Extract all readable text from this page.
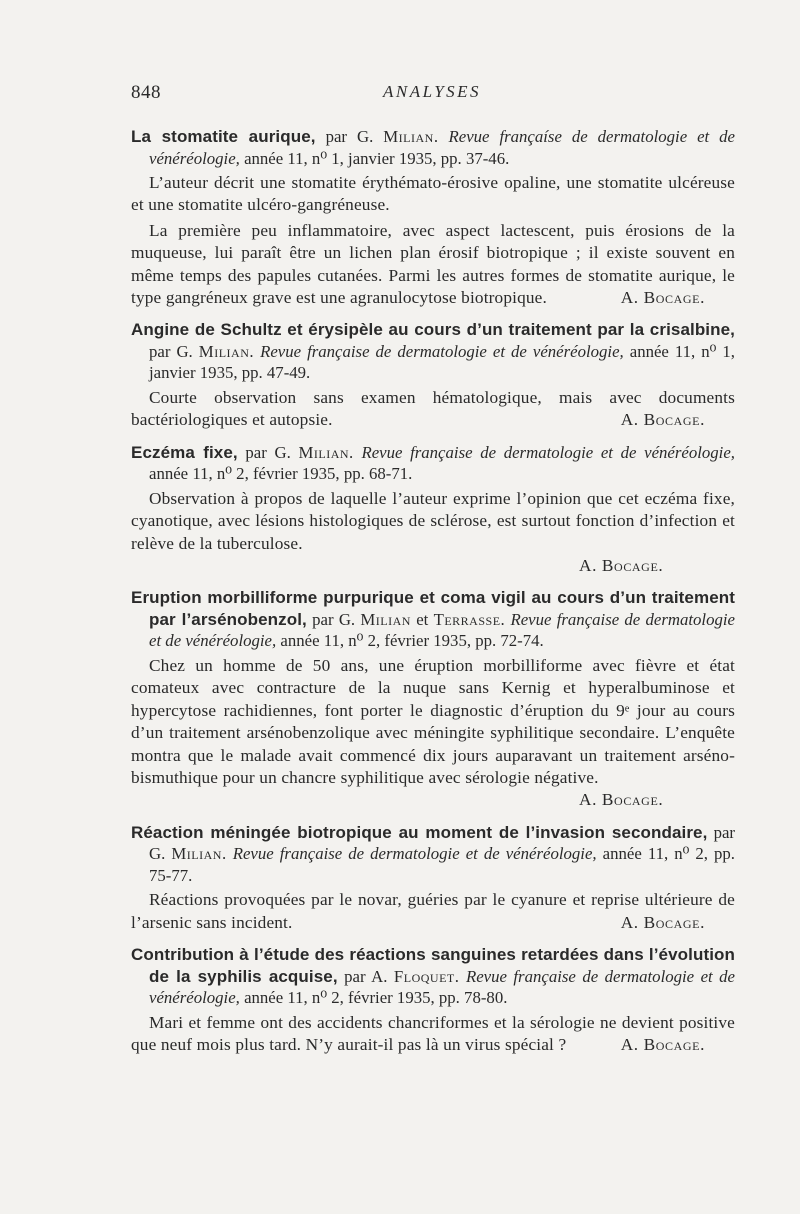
848	ANALYSES

La stomatite aurique, par G. Milian. Revue françaíse de dermatologie et de vénéréologie, année 11, n⁰ 1, janvier 1935, pp. 37-46.

L’auteur décrit une stomatite érythémato-érosive opaline, une stomatite ulcéreuse et une stomatite ulcéro-gangréneuse.

La première peu inflammatoire, avec aspect lactescent, puis érosions de la muqueuse, lui paraît être un lichen plan érosif biotropique ; il existe souvent en même temps des papules cutanées. Parmi les autres formes de stomatite aurique, le type gangréneux grave est une agranulocytose biotropique.	A. Bocage.

Angine de Schultz et érysipèle au cours d’un traitement par la crisalbine, par G. Milian. Revue française de dermatologie et de vénéréologie, année 11, n⁰ 1, janvier 1935, pp. 47-49.

Courte observation sans examen hématologique, mais avec documents bactériologiques et autopsie.	A. Bocage.

Eczéma fixe, par G. Milian. Revue française de dermatologie et de vénéréologie, année 11, n⁰ 2, février 1935, pp. 68-71.

Observation à propos de laquelle l’auteur exprime l’opinion que cet eczéma fixe, cyanotique, avec lésions histologiques de sclérose, est surtout fonction d’infection et relève de la tuberculose.

A. Bocage.

Eruption morbilliforme purpurique et coma vigil au cours d’un traitement par l’arsénobenzol, par G. Milian et Terrasse. Revue française de dermatologie et de vénéréologie, année 11, n⁰ 2, février 1935, pp. 72-74.

Chez un homme de 50 ans, une éruption morbilliforme avec fièvre et état comateux avec contracture de la nuque sans Kernig et hyperalbuminose et hypercytose rachidiennes, font porter le diagnostic d’éruption du 9ᵉ jour au cours d’un traitement arsénobenzolique avec méningite syphilitique secondaire. L’enquête montra que le malade avait commencé dix jours auparavant un traitement arséno-bismuthique pour un chancre syphilitique avec sérologie négative.

A. Bocage.

Réaction méningée biotropique au moment de l’invasion secondaire, par G. Milian. Revue française de dermatologie et de vénéréologie, année 11, n⁰ 2, pp. 75-77.

Réactions provoquées par le novar, guéries par le cyanure et reprise ultérieure de l’arsenic sans incident.	A. Bocage.

Contribution à l’étude des réactions sanguines retardées dans l’évolution de la syphilis acquise, par A. Floquet. Revue française de dermatologie et de vénéréologie, année 11, n⁰ 2, février 1935, pp. 78-80.

Mari et femme ont des accidents chancriformes et la sérologie ne devient positive que neuf mois plus tard. N’y aurait-il pas là un virus spécial ?	A. Bocage.
